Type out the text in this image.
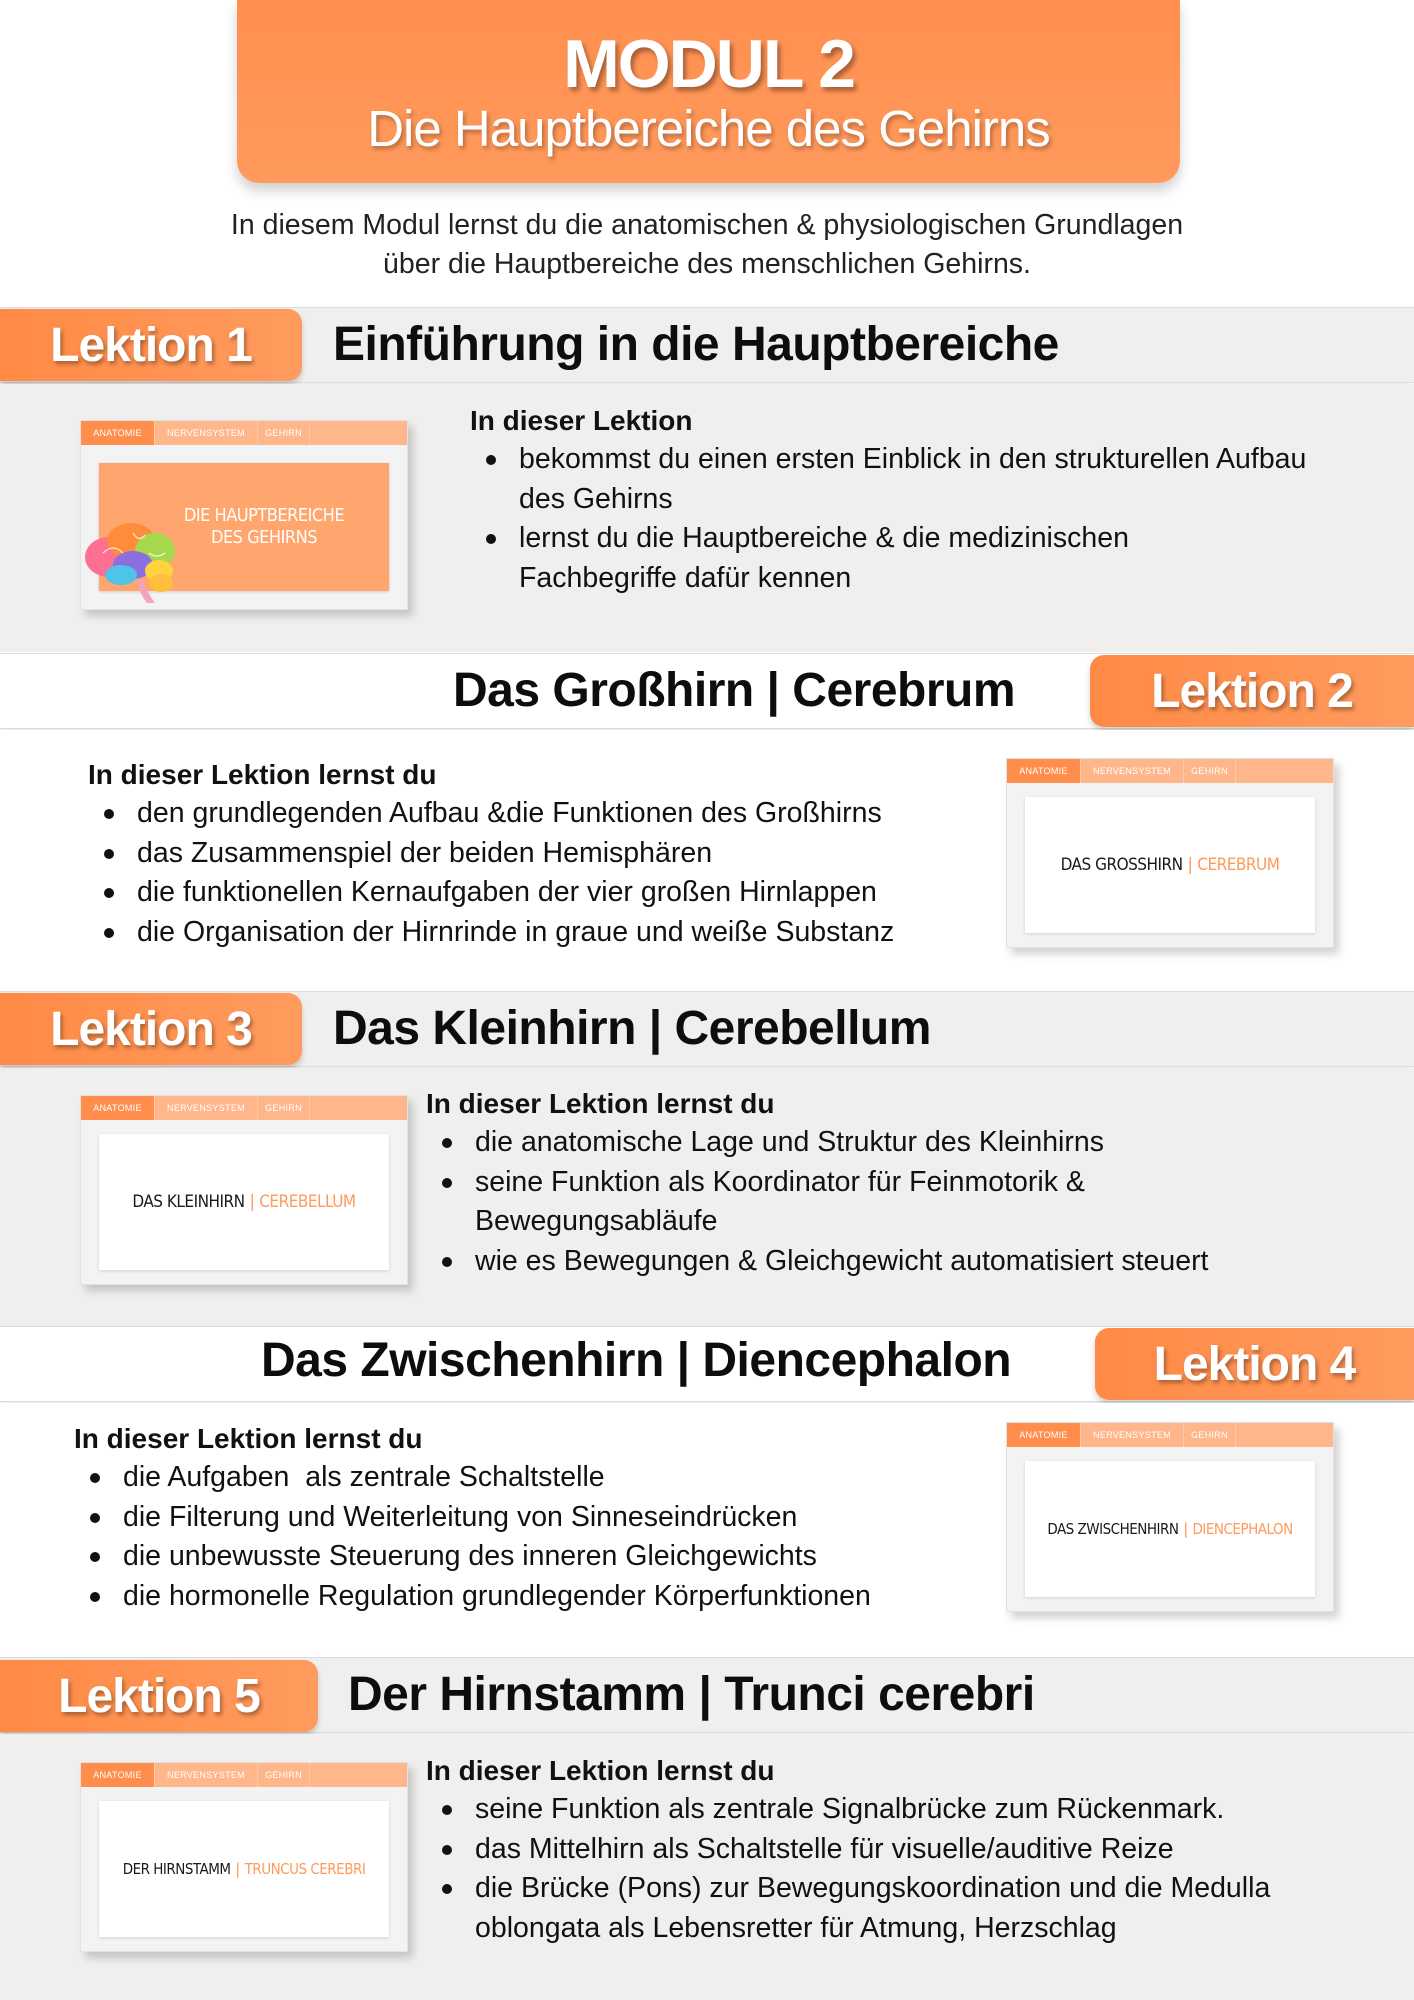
MODUL 2
Die Hauptbereiche des Gehirns
In diesem Modul lernst du die anatomischen & physiologischen Grundlagen
über die Hauptbereiche des menschlichen Gehirns.
Lektion 1	Einführung in die Hauptbereiche
ANATOMIE	NERVENSYSTEM	GEHIRN
DIE HAUPTBEREICHE
DES GEHIRNS
In dieser Lektion
bekommst du einen ersten Einblick in den strukturellen Aufbau des Gehirns
lernst du die Hauptbereiche & die medizinischen Fachbegriffe dafür kennen
Das Großhirn | Cerebrum	Lektion 2
In dieser Lektion lernst du
den grundlegenden Aufbau &die Funktionen des Großhirns
das Zusammenspiel der beiden Hemisphären
die funktionellen Kernaufgaben der vier großen Hirnlappen
die Organisation der Hirnrinde in graue und weiße Substanz
ANATOMIE	NERVENSYSTEM	GEHIRN
DAS GROSSHIRN | CEREBRUM
Lektion 3	Das Kleinhirn | Cerebellum
ANATOMIE	NERVENSYSTEM	GEHIRN
DAS KLEINHIRN | CEREBELLUM
In dieser Lektion lernst du
die anatomische Lage und Struktur des Kleinhirns
seine Funktion als Koordinator für Feinmotorik & Bewegungsabläufe
wie es Bewegungen & Gleichgewicht automatisiert steuert
Das Zwischenhirn | Diencephalon	Lektion 4
In dieser Lektion lernst du
die Aufgaben  als zentrale Schaltstelle
die Filterung und Weiterleitung von Sinneseindrücken
die unbewusste Steuerung des inneren Gleichgewichts
die hormonelle Regulation grundlegender Körperfunktionen
ANATOMIE	NERVENSYSTEM	GEHIRN
DAS ZWISCHENHIRN | DIENCEPHALON
Lektion 5	Der Hirnstamm | Trunci cerebri
ANATOMIE	NERVENSYSTEM	GEHIRN
DER HIRNSTAMM | TRUNCUS CEREBRI
In dieser Lektion lernst du
seine Funktion als zentrale Signalbrücke zum Rückenmark.
das Mittelhirn als Schaltstelle für visuelle/auditive Reize
die Brücke (Pons) zur Bewegungskoordination und die Medulla oblongata als Lebensretter für Atmung, Herzschlag
